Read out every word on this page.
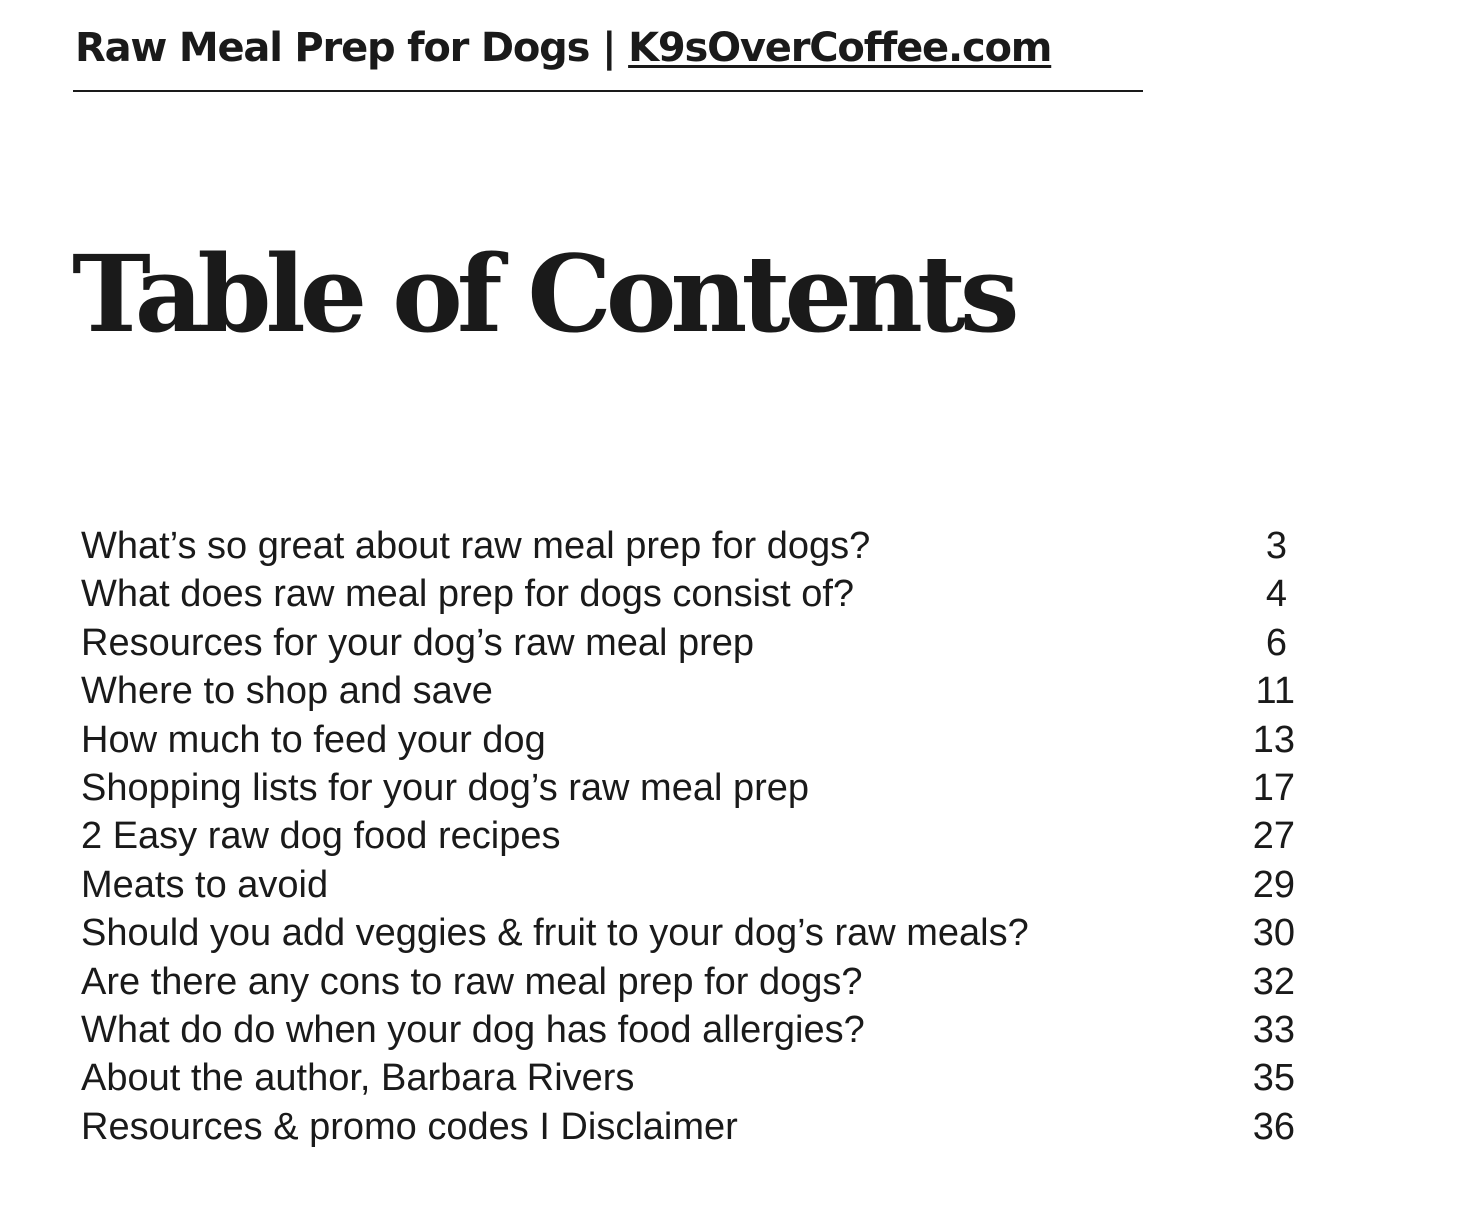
Raw Meal Prep for Dogs | K9sOverCoffee.com
Table of Contents
What’s so great about raw meal prep for dogs?	3
What does raw meal prep for dogs consist of?	4
Resources for your dog’s raw meal prep	6
Where to shop and save	11
How much to feed your dog	13
Shopping lists for your dog’s raw meal prep	17
2 Easy raw dog food recipes	27
Meats to avoid	29
Should you add veggies & fruit to your dog’s raw meals?	30
Are there any cons to raw meal prep for dogs?	32
What do do when your dog has food allergies?	33
About the author, Barbara Rivers	35
Resources & promo codes I Disclaimer	36
